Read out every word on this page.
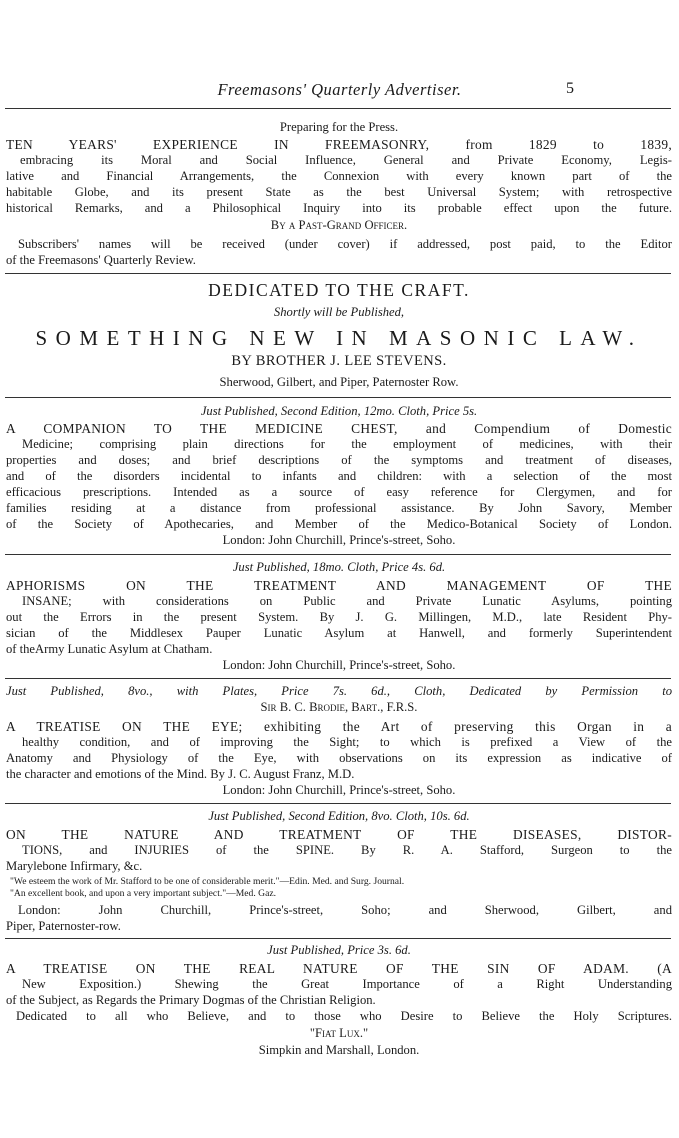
Freemasons' Quarterly Advertiser.	5
Preparing for the Press.
TEN YEARS' EXPERIENCE IN FREEMASONRY, from 1829 to 1839,
embracing its Moral and Social Influence, General and Private Economy, Legis-
lative and Financial Arrangements, the Connexion with every known part of the
habitable Globe, and its present State as the best Universal System; with retrospective
historical Remarks, and a Philosophical Inquiry into its probable effect upon the future.
By a Past-Grand Officer.
Subscribers' names will be received (under cover) if addressed, post paid, to the Editor
of the Freemasons' Quarterly Review.
DEDICATED TO THE CRAFT.
Shortly will be Published,
SOMETHING NEW IN MASONIC LAW.
BY BROTHER J. LEE STEVENS.
Sherwood, Gilbert, and Piper, Paternoster Row.
Just Published, Second Edition, 12mo. Cloth, Price 5s.
A COMPANION TO THE MEDICINE CHEST, and Compendium of Domestic
Medicine; comprising plain directions for the employment of medicines, with their
properties and doses; and brief descriptions of the symptoms and treatment of diseases,
and of the disorders incidental to infants and children: with a selection of the most
efficacious prescriptions. Intended as a source of easy reference for Clergymen, and for
families residing at a distance from professional assistance. By John Savory, Member
of the Society of Apothecaries, and Member of the Medico-Botanical Society of London.
London: John Churchill, Prince's-street, Soho.
Just Published, 18mo. Cloth, Price 4s. 6d.
APHORISMS ON THE TREATMENT AND MANAGEMENT OF THE
INSANE; with considerations on Public and Private Lunatic Asylums, pointing
out the Errors in the present System. By J. G. Millingen, M.D., late Resident Phy-
sician of the Middlesex Pauper Lunatic Asylum at Hanwell, and formerly Superintendent
of theArmy Lunatic Asylum at Chatham.
London: John Churchill, Prince's-street, Soho.
Just Published, 8vo., with Plates, Price 7s. 6d., Cloth, Dedicated by Permission to
Sir B. C. Brodie, Bart., F.R.S.
A TREATISE ON THE EYE; exhibiting the Art of preserving this Organ in a
healthy condition, and of improving the Sight; to which is prefixed a View of the
Anatomy and Physiology of the Eye, with observations on its expression as indicative of
the character and emotions of the Mind. By J. C. August Franz, M.D.
London: John Churchill, Prince's-street, Soho.
Just Published, Second Edition, 8vo. Cloth, 10s. 6d.
ON THE NATURE AND TREATMENT OF THE DISEASES, DISTOR-
TIONS, and INJURIES of the SPINE. By R. A. Stafford, Surgeon to the
Marylebone Infirmary, &c.
"We esteem the work of Mr. Stafford to be one of considerable merit."—Edin. Med. and Surg. Journal.
"An excellent book, and upon a very important subject."—Med. Gaz.
London: John Churchill, Prince's-street, Soho; and Sherwood, Gilbert, and
Piper, Paternoster-row.
Just Published, Price 3s. 6d.
A TREATISE ON THE REAL NATURE OF THE SIN OF ADAM. (A
New Exposition.) Shewing the Great Importance of a Right Understanding
of the Subject, as Regards the Primary Dogmas of the Christian Religion.
Dedicated to all who Believe, and to those who Desire to Believe the Holy Scriptures.
"Fiat Lux."
Simpkin and Marshall, London.
